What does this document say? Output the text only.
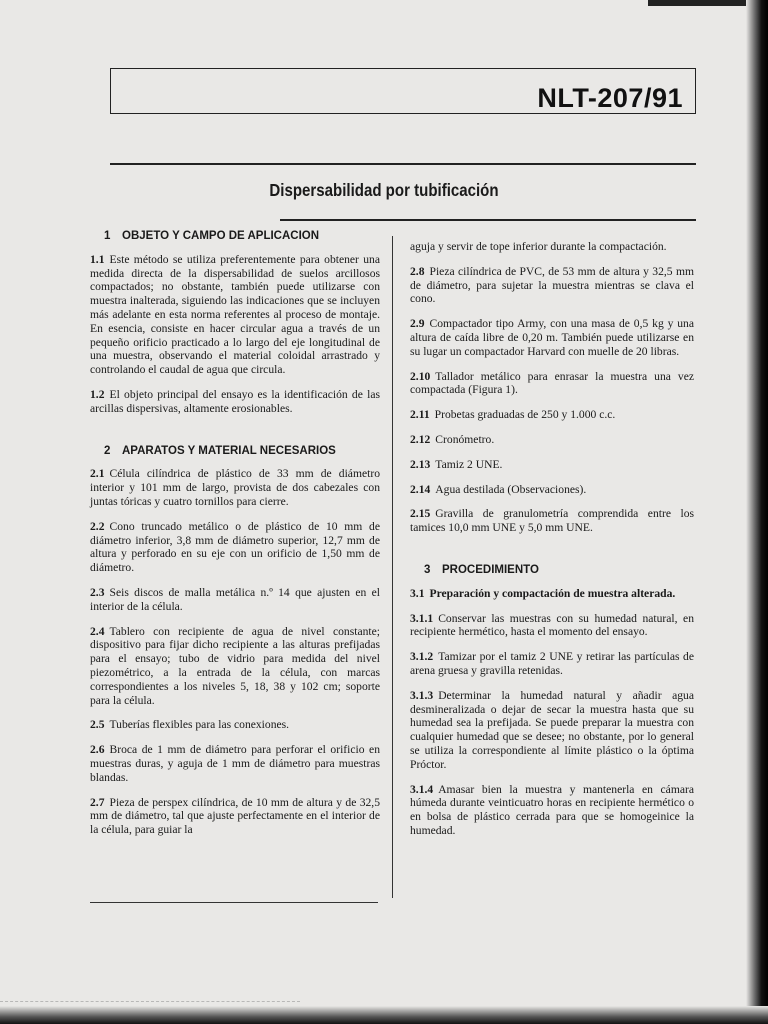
NLT-207/91
Dispersabilidad por tubificación
1 OBJETO Y CAMPO DE APLICACION

1.1 Este método se utiliza preferentemente para obtener una medida directa de la dispersabilidad de suelos arcillosos compactados; no obstante, también puede utilizarse con muestra inalterada, siguiendo las indicaciones que se incluyen más adelante en esta norma referentes al proceso de montaje. En esencia, consiste en hacer circular agua a través de un pequeño orificio practicado a lo largo del eje longitudinal de una muestra, observando el material coloidal arrastrado y controlando el caudal de agua que circula.

1.2 El objeto principal del ensayo es la identificación de las arcillas dispersivas, altamente erosionables.

2 APARATOS Y MATERIAL NECESARIOS

2.1 Célula cilíndrica de plástico de 33 mm de diámetro interior y 101 mm de largo, provista de dos cabezales con juntas tóricas y cuatro tornillos para cierre.

2.2 Cono truncado metálico o de plástico de 10 mm de diámetro inferior, 3,8 mm de diámetro superior, 12,7 mm de altura y perforado en su eje con un orificio de 1,50 mm de diámetro.

2.3 Seis discos de malla metálica n.º 14 que ajusten en el interior de la célula.

2.4 Tablero con recipiente de agua de nivel constante; dispositivo para fijar dicho recipiente a las alturas prefijadas para el ensayo; tubo de vidrio para medida del nivel piezométrico, a la entrada de la célula, con marcas correspondientes a los niveles 5, 18, 38 y 102 cm; soporte para la célula.

2.5 Tuberías flexibles para las conexiones.

2.6 Broca de 1 mm de diámetro para perforar el orificio en muestras duras, y aguja de 1 mm de diámetro para muestras blandas.

2.7 Pieza de perspex cilíndrica, de 10 mm de altura y de 32,5 mm de diámetro, tal que ajuste perfectamente en el interior de la célula, para guiar la

aguja y servir de tope inferior durante la compactación.

2.8 Pieza cilíndrica de PVC, de 53 mm de altura y 32,5 mm de diámetro, para sujetar la muestra mientras se clava el cono.

2.9 Compactador tipo Army, con una masa de 0,5 kg y una altura de caída libre de 0,20 m. También puede utilizarse en su lugar un compactador Harvard con muelle de 20 libras.

2.10 Tallador metálico para enrasar la muestra una vez compactada (Figura 1).

2.11 Probetas graduadas de 250 y 1.000 c.c.

2.12 Cronómetro.

2.13 Tamiz 2 UNE.

2.14 Agua destilada (Observaciones).

2.15 Gravilla de granulometría comprendida entre los tamices 10,0 mm UNE y 5,0 mm UNE.

3 PROCEDIMIENTO

3.1 Preparación y compactación de muestra alterada.

3.1.1 Conservar las muestras con su humedad natural, en recipiente hermético, hasta el momento del ensayo.

3.1.2 Tamizar por el tamiz 2 UNE y retirar las partículas de arena gruesa y gravilla retenidas.

3.1.3 Determinar la humedad natural y añadir agua desmineralizada o dejar de secar la muestra hasta que su humedad sea la prefijada. Se puede preparar la muestra con cualquier humedad que se desee; no obstante, por lo general se utiliza la correspondiente al límite plástico o la óptima Próctor.

3.1.4 Amasar bien la muestra y mantenerla en cámara húmeda durante veinticuatro horas en recipiente hermético o en bolsa de plástico cerrada para que se homogeinice la humedad.
